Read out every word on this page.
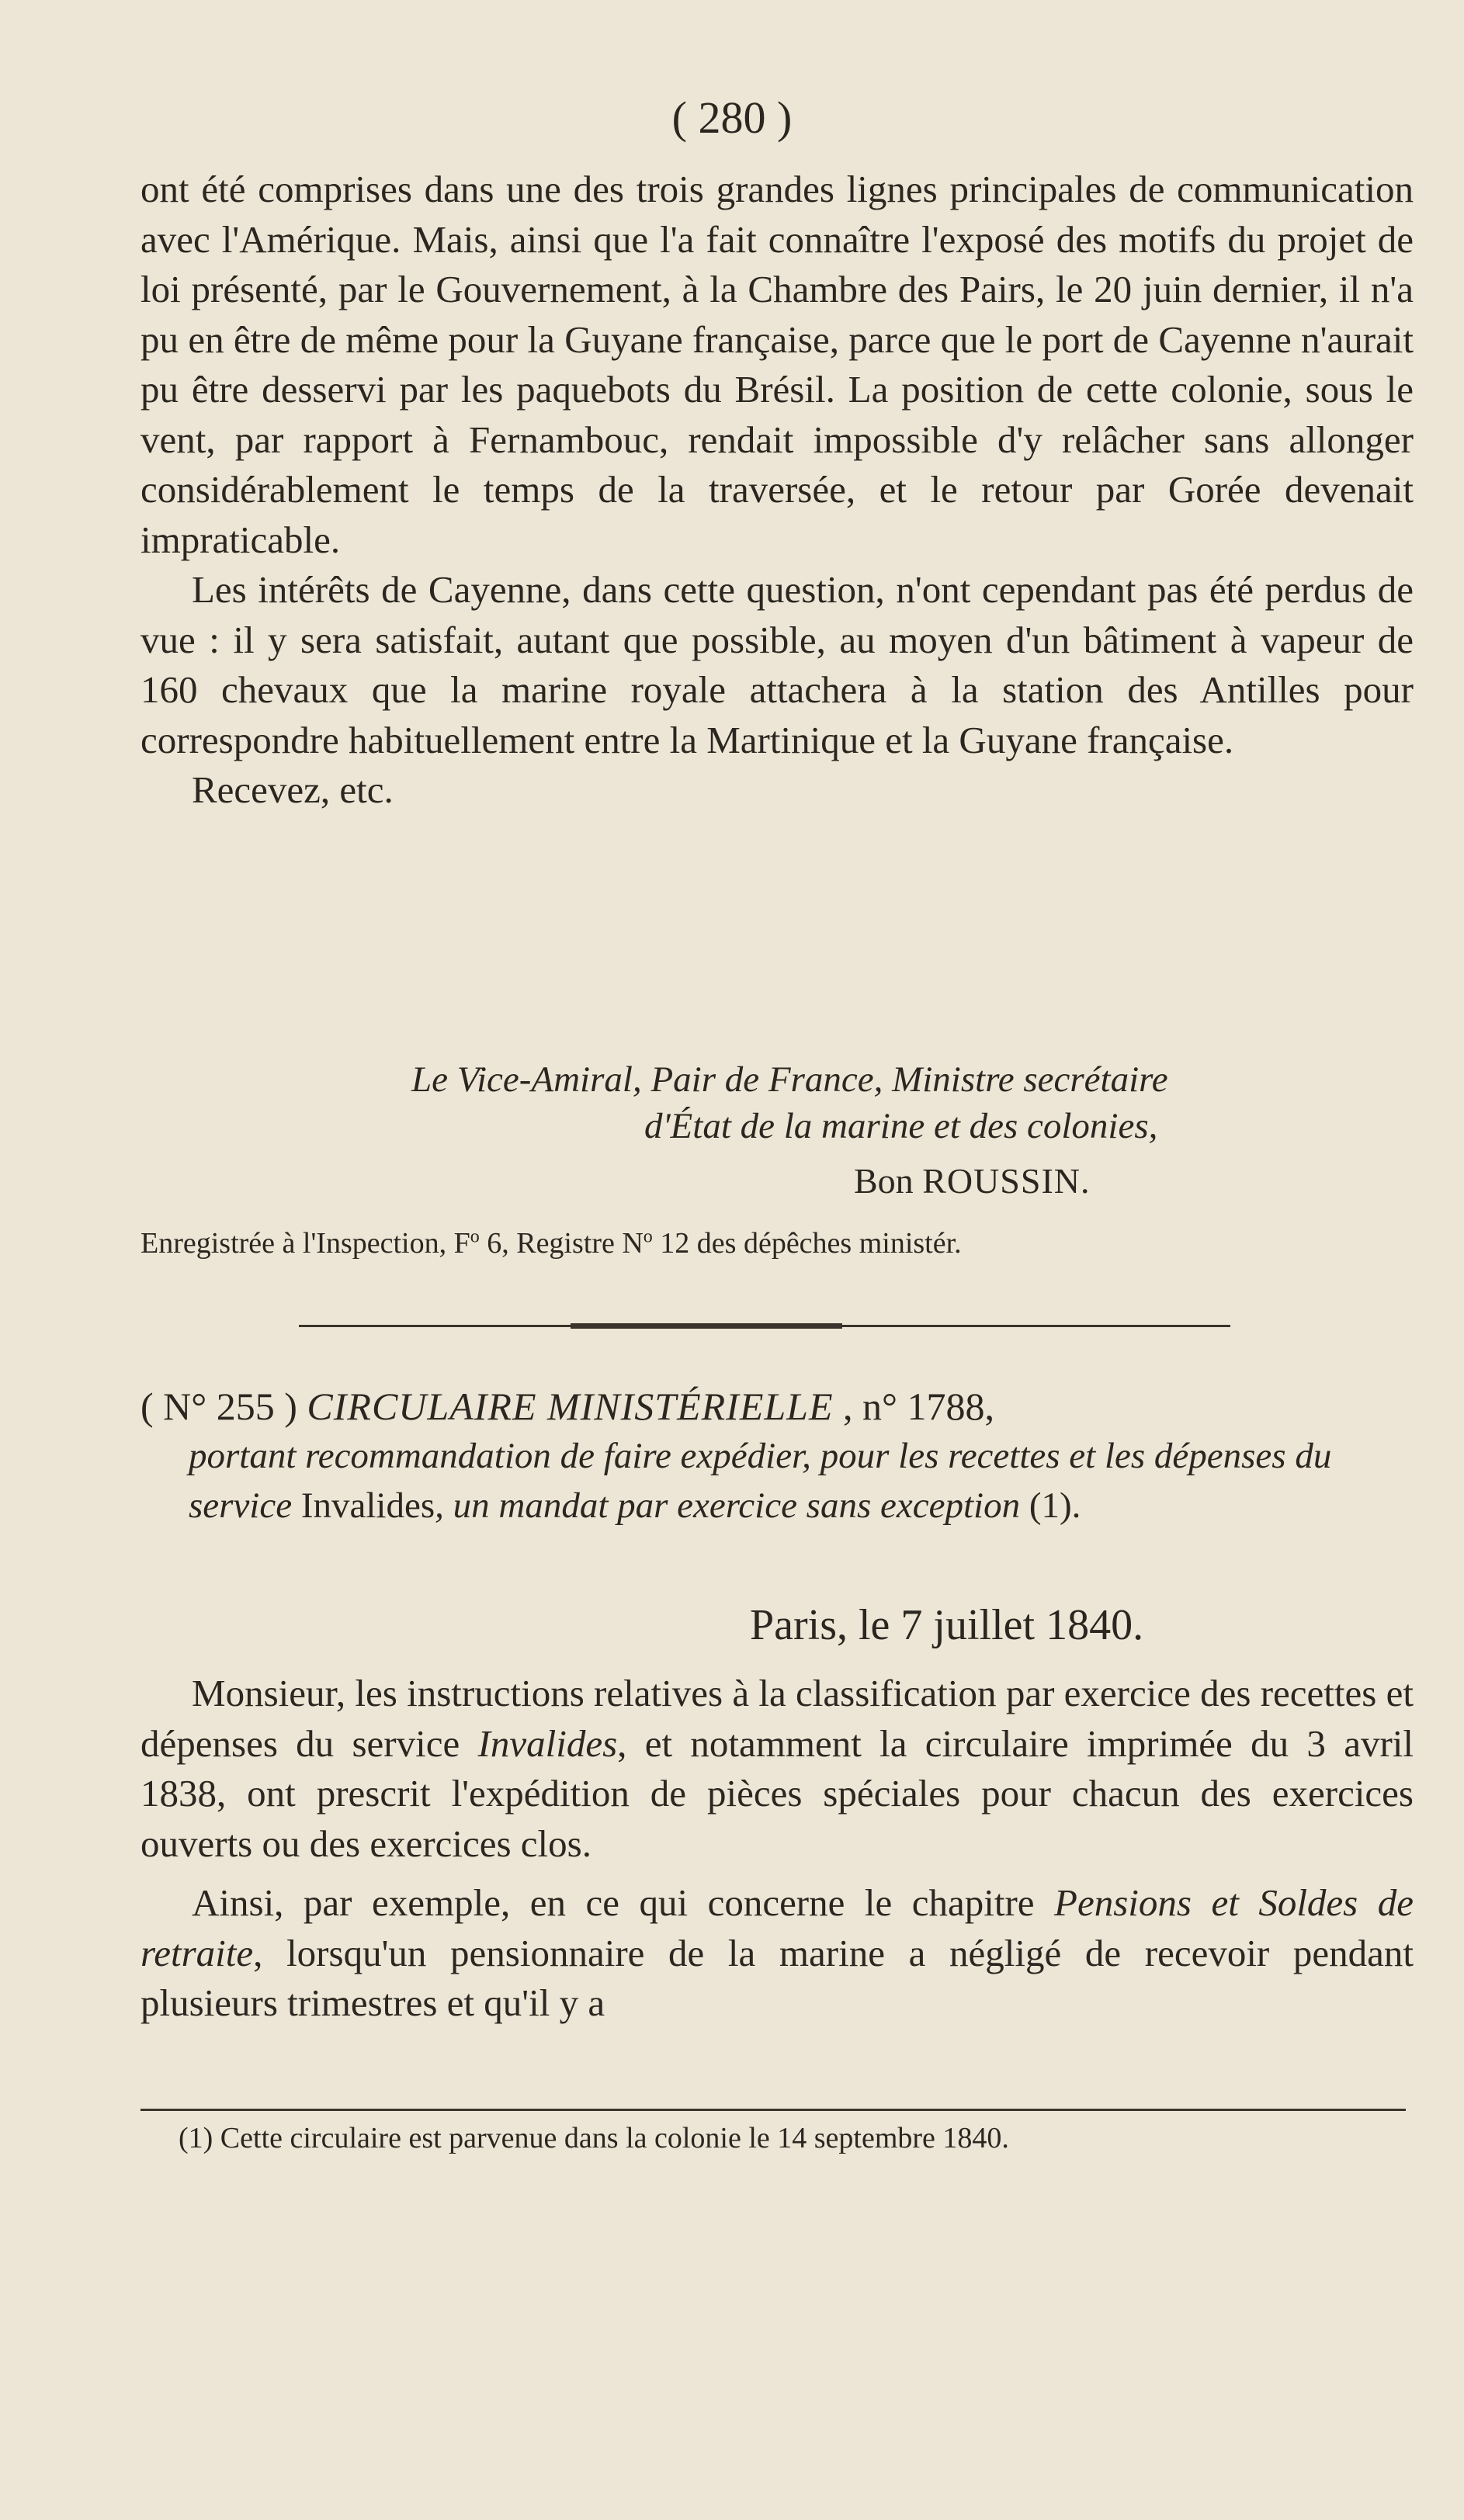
( 280 )

ont été comprises dans une des trois grandes lignes principales de communication avec l'Amérique. Mais, ainsi que l'a fait connaître l'exposé des motifs du projet de loi présenté, par le Gouvernement, à la Chambre des Pairs, le 20 juin dernier, il n'a pu en être de même pour la Guyane française, parce que le port de Cayenne n'aurait pu être desservi par les paquebots du Brésil. La position de cette colonie, sous le vent, par rapport à Fernambouc, rendait impossible d'y relâcher sans allonger considérablement le temps de la traversée, et le retour par Gorée devenait impraticable.

Les intérêts de Cayenne, dans cette question, n'ont cependant pas été perdus de vue : il y sera satisfait, autant que possible, au moyen d'un bâtiment à vapeur de 160 chevaux que la marine royale attachera à la station des Antilles pour correspondre habituellement entre la Martinique et la Guyane française.

Recevez, etc.

Le Vice-Amiral, Pair de France, Ministre secrétaire
d'État de la marine et des colonies,
Bon ROUSSIN.
Enregistrée à l'Inspection, $F^o$ 6, Registre $N^o$ 12 des dépêches ministér.

( N° 255 ) CIRCULAIRE MINISTÉRIELLE , n° 1788,
portant recommandation de faire expédier, pour les recettes et les dépenses du service Invalides, un mandat par exercice sans exception (1).

Paris, le 7 juillet 1840.

Monsieur, les instructions relatives à la classification par exercice des recettes et dépenses du service Invalides, et notamment la circulaire imprimée du 3 avril 1838, ont prescrit l'expédition de pièces spéciales pour chacun des exercices ouverts ou des exercices clos.

Ainsi, par exemple, en ce qui concerne le chapitre Pensions et Soldes de retraite, lorsqu'un pensionnaire de la marine a négligé de recevoir pendant plusieurs trimestres et qu'il y a

(1) Cette circulaire est parvenue dans la colonie le 14 septembre 1840.
